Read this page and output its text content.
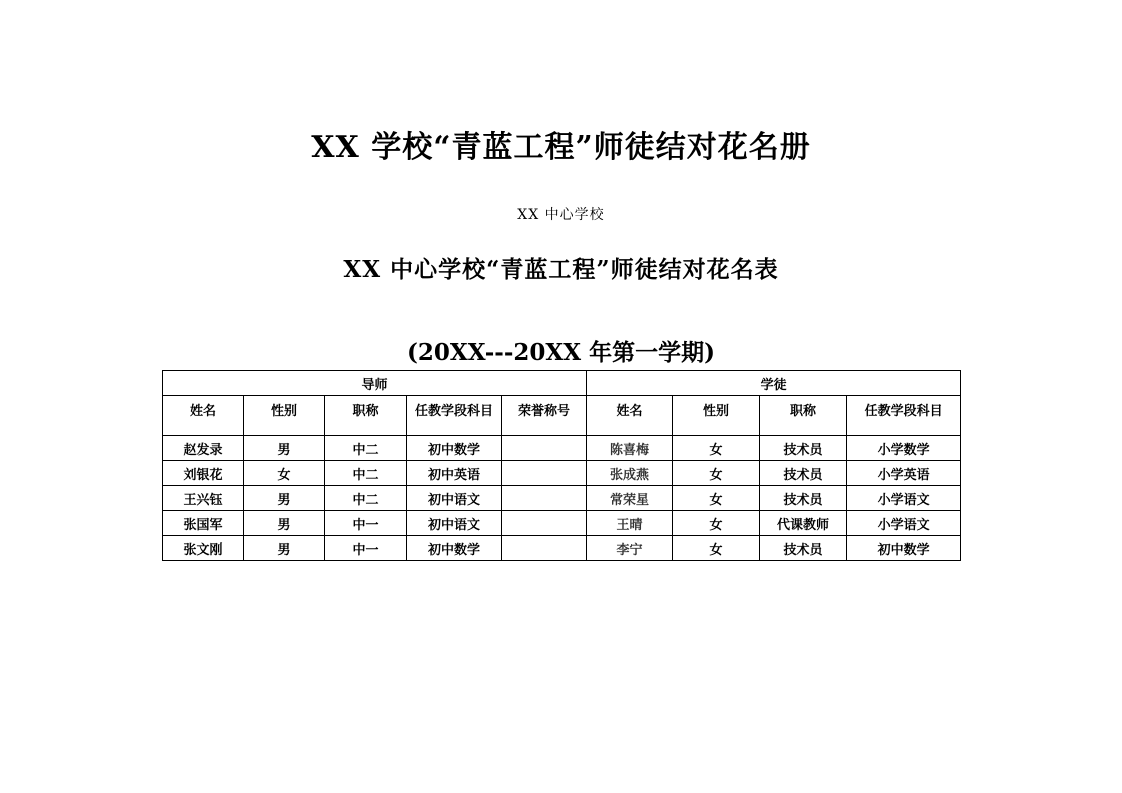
XX 学校“青蓝工程”师徒结对花名册

XX 中心学校

XX 中心学校“青蓝工程”师徒结对花名表

(20XX---20XX 年第一学期)

导师					学徒			
姓名	性别	职称	任教学段科目	荣誉称号	姓名	性别	职称	任教学段科目
赵发录	男	中二	初中数学		陈喜梅	女	技术员	小学数学
刘银花	女	中二	初中英语		张成燕	女	技术员	小学英语
王兴钰	男	中二	初中语文		常荣星	女	技术员	小学语文
张国军	男	中一	初中语文		王晴	女	代课教师	小学语文
张文刚	男	中一	初中数学		李宁	女	技术员	初中数学
